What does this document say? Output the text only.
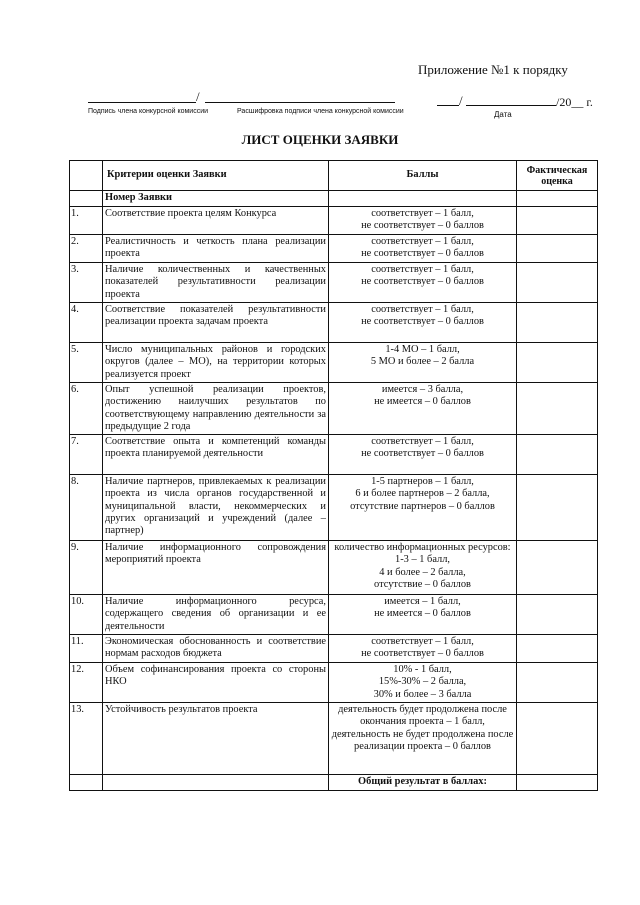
Приложение №1 к порядку
/	/	/20__ г.
Подпись члена конкурсной комиссии	Расшифровка подписи члена конкурсной комиссии	Дата
ЛИСТ ОЦЕНКИ ЗАЯВКИ
	Критерии оценки Заявки	Баллы	Фактическая оценка
	Номер Заявки		
1.	Соответствие проекта целям Конкурса	соответствует – 1 балл,
не соответствует – 0 баллов	
2.	Реалистичность и четкость плана реализации проекта	соответствует – 1 балл,
не соответствует – 0 баллов	
3.	Наличие количественных и качественных показателей результативности реализации проекта	соответствует – 1 балл,
не соответствует – 0 баллов	
4.	Соответствие показателей результативности реализации проекта задачам проекта	соответствует – 1 балл,
не соответствует – 0 баллов	
5.	Число муниципальных районов и городских округов (далее – МО), на территории которых реализуется проект	1-4 МО – 1 балл,
5 МО и более – 2 балла	
6.	Опыт успешной реализации проектов, достижению наилучших результатов по соответствующему направлению деятельности за предыдущие 2 года	имеется – 3 балла,
не имеется – 0 баллов	
7.	Соответствие опыта и компетенций команды проекта планируемой деятельности	соответствует – 1 балл,
не соответствует – 0 баллов	
8.	Наличие партнеров, привлекаемых к реализации проекта из числа органов государственной и муниципальной власти, некоммерческих и других организаций и учреждений (далее – партнер)	1-5 партнеров – 1 балл,
6 и более партнеров – 2 балла,
отсутствие партнеров – 0 баллов	
9.	Наличие информационного сопровождения мероприятий проекта	количество информационных ресурсов: 1-3 – 1 балл,
4 и более – 2 балла,
отсутствие – 0 баллов	
10.	Наличие информационного ресурса, содержащего сведения об организации и ее деятельности	имеется – 1 балл,
не имеется – 0 баллов	
11.	Экономическая обоснованность и соответствие нормам расходов бюджета	соответствует – 1 балл,
не соответствует – 0 баллов	
12.	Объем софинансирования проекта со стороны НКО	10% - 1 балл,
15%-30% – 2 балла,
30% и более – 3 балла	
13.	Устойчивость результатов проекта	деятельность будет продолжена после окончания проекта – 1 балл, деятельность не будет продолжена после реализации проекта – 0 баллов	
		Общий результат в баллах:	
